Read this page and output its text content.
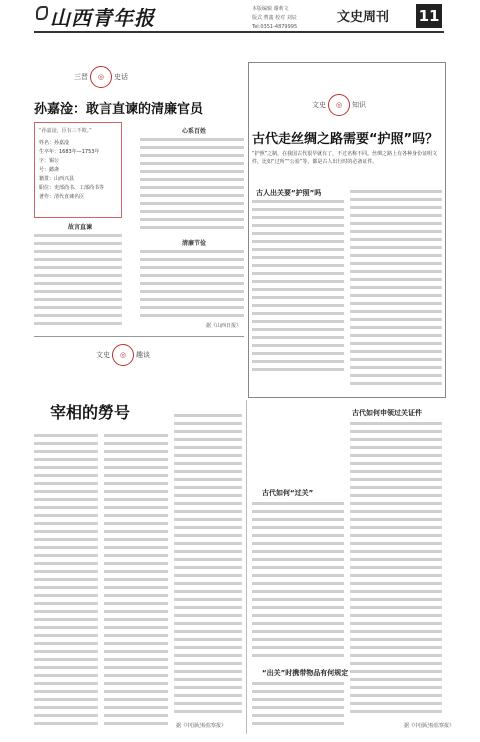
山西青年报	本版编辑 谢莉文
版式 曹鑫 校对 刘辰
Tel:0351-4879995
文史周刊 11
三晋	◎	史话
孙嘉淦：敢言直谏的清廉官员
“孙嘉淦，臣有三不欺。”
姓名：孙嘉淦
生卒年：1683年—1753年
字：锡公
号：懿斋
籍贯：山西兴县
职位：吏部尚书、工部尚书等
著作：清代直谏名臣
心系百姓
故言直谏
清廉节俭
据《山西日报》
文史	◎	知识
古代走丝绸之路需要“护照”吗？
“护照”之制，在我国古代很早就有了，不过名称不同。丝绸之路上有各种身份证明文件，比如“过所”“公验”等，都是古人出行时的必备证件。
古人出关要“护照”吗
古代如何“过关”
“出关”时携带物品有何规定
古代如何申领过关证件
据《中国纪检监察报》
文史	◎	趣谈
宰相的勞号
据《中国纪检监察报》
